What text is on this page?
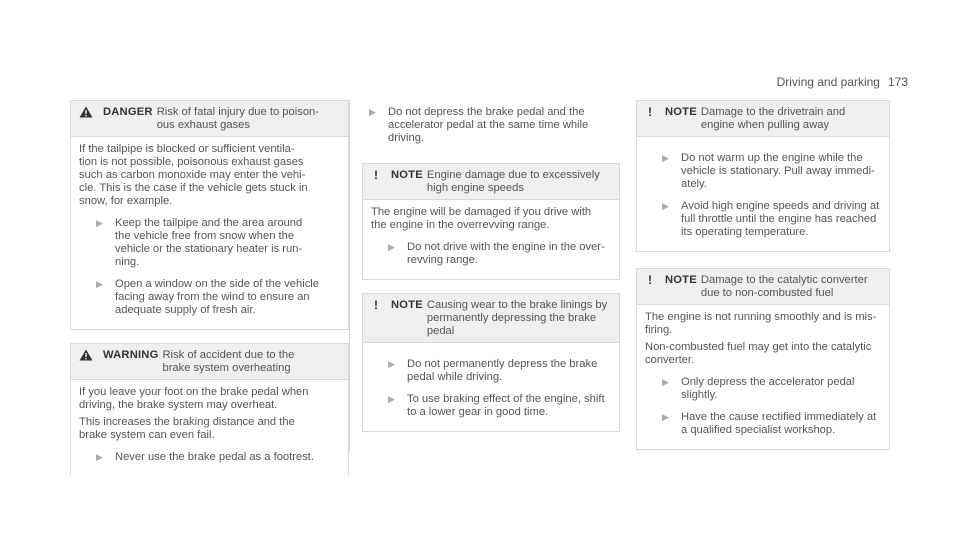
Driving and parking 173
DANGER Risk of fatal injury due to poison-
ous exhaust gases

If the tailpipe is blocked or sufficient ventila-
tion is not possible, poisonous exhaust gases
such as carbon monoxide may enter the vehi-
cle. This is the case if the vehicle gets stuck in
snow, for example.

▶ Keep the tailpipe and the area around
the vehicle free from snow when the
vehicle or the stationary heater is run-
ning.
▶ Open a window on the side of the vehicle
facing away from the wind to ensure an
adequate supply of fresh air.
WARNING Risk of accident due to the
brake system overheating

If you leave your foot on the brake pedal when
driving, the brake system may overheat.

This increases the braking distance and the
brake system can even fail.

▶ Never use the brake pedal as a footrest.
▶ Do not depress the brake pedal and the
accelerator pedal at the same time while
driving.
! NOTE Engine damage due to excessively
high engine speeds

The engine will be damaged if you drive with
the engine in the overrevving range.

▶ Do not drive with the engine in the over-
revving range.
! NOTE Causing wear to the brake linings by
permanently depressing the brake pedal
▶ Do not permanently depress the brake
pedal while driving.
▶ To use braking effect of the engine, shift
to a lower gear in good time.
! NOTE Damage to the drivetrain and
engine when pulling away
▶ Do not warm up the engine while the
vehicle is stationary. Pull away immedi-
ately.
▶ Avoid high engine speeds and driving at
full throttle until the engine has reached
its operating temperature.
! NOTE Damage to the catalytic converter
due to non-combusted fuel

The engine is not running smoothly and is mis-
firing.

Non-combusted fuel may get into the catalytic
converter.

▶ Only depress the accelerator pedal
slightly.
▶ Have the cause rectified immediately at
a qualified specialist workshop.
